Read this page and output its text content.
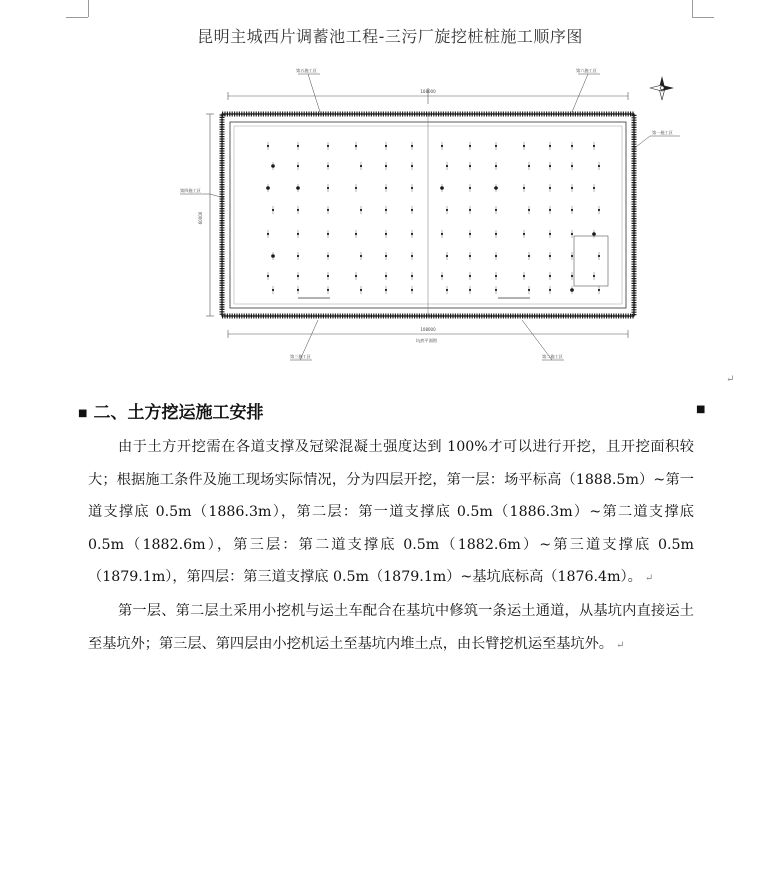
昆明主城西片调蓄池工程-三污厂旋挖桩桩施工顺序图
108000
108000
60000
第五施工区	第六施工区
第一施工区
第四施工区
第三施工区	第二施工区
坑底平面图
↵
■ 二、土方挖运施工安排	■
由于土方开挖需在各道支撑及冠梁混凝土强度达到 100%才可以进行开挖，且开挖面积较大；根据施工条件及施工现场实际情况，分为四层开挖，第一层：场平标高（1888.5m）~第一道支撑底 0.5m（1886.3m），第二层：第一道支撑底 0.5m（1886.3m）~第二道支撑底 0.5m（1882.6m），第三层：第二道支撑底 0.5m（1882.6m）~第三道支撑底 0.5m（1879.1m），第四层：第三道支撑底 0.5m（1879.1m）~基坑底标高（1876.4m）。 ↵
第一层、第二层土采用小挖机与运土车配合在基坑中修筑一条运土通道，从基坑内直接运土至基坑外；第三层、第四层由小挖机运土至基坑内堆土点，由长臂挖机运至基坑外。 ↵
